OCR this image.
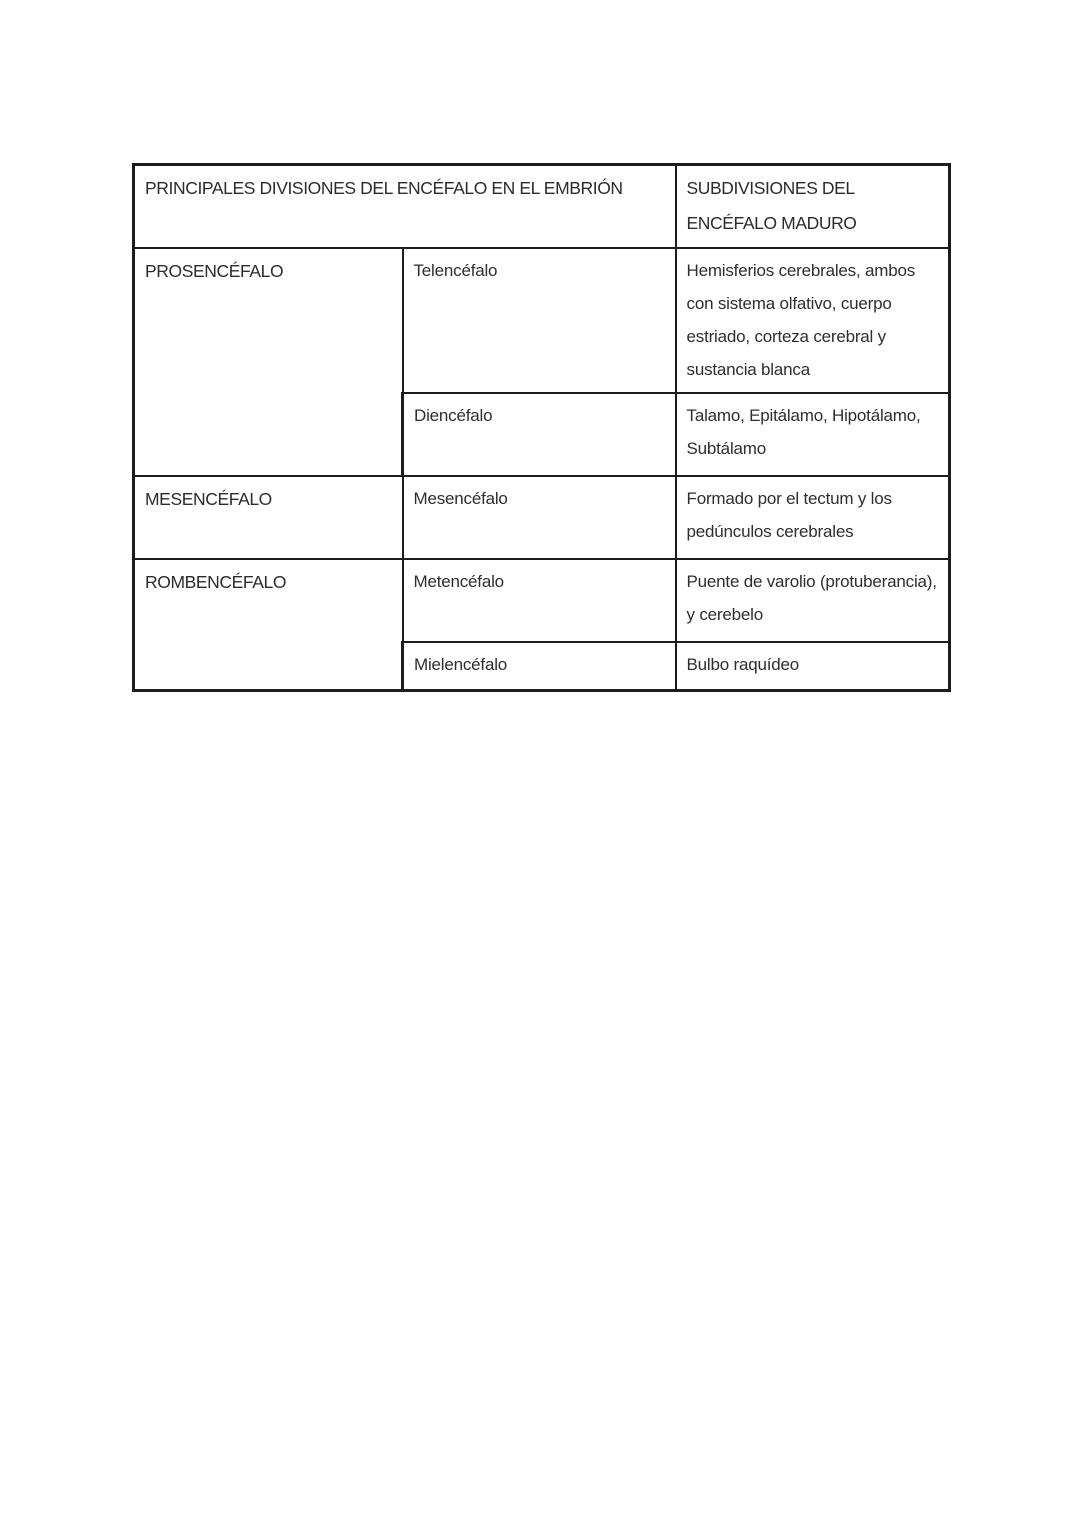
PRINCIPALES DIVISIONES DEL ENCÉFALO EN EL EMBRIÓN		SUBDIVISIONES DEL ENCÉFALO MADURO
PROSENCÉFALO	Telencéfalo	Hemisferios cerebrales, ambos con sistema olfativo, cuerpo estriado, corteza cerebral y sustancia blanca
	Diencéfalo	Talamo, Epitálamo, Hipotálamo, Subtálamo
MESENCÉFALO	Mesencéfalo	Formado por el tectum y los pedúnculos cerebrales
ROMBENCÉFALO	Metencéfalo	Puente de varolio (protuberancia), y cerebelo
	Mielencéfalo	Bulbo raquídeo
